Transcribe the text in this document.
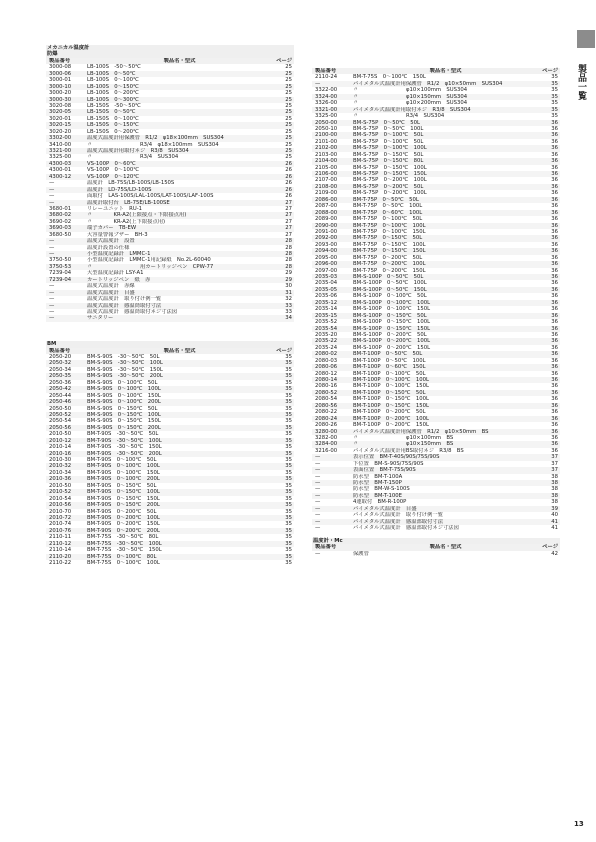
製品一覧
メカニカル温度計
防爆
製品番号	製品名・型式	ページ
3000-08	LB-100S　-50〜50℃	25
3000-06	LB-100S　0〜50℃	25
3000-01	LB-100S　0〜100℃	25
3000-10	LB-100S　0〜150℃	25
3000-20	LB-100S　0〜200℃	25
3000-30	LB-100S　0〜300℃	25
3020-08	LB-150S　-50〜50℃	25
3020-05	LB-150S　0〜50℃	25
3020-01	LB-150S　0〜100℃	25
3020-15	LB-150S　0〜150℃	25
3020-20	LB-150S　0〜200℃	25
3302-00	温度式温度計用保護管　R1/2　φ18×100mm　SUS304	25
3410-00	〃　　　　　　　　　R3/4　φ18×100mm　SUS304	25
3321-00	温度式温度計用取付ネジ　R3/8　SUS304	25
3325-00	〃　　　　　　　　　R3/4　SUS304	25
4300-03	VS-100P　0〜60℃	26
4300-01	VS-100P　0〜100℃	26
4300-12	VS-100P　0〜120℃	26
—	温度計　LB-75S/LB-100S/LB-150S	26
—	温度計　LD-75S/LD-100S	26
—	面取付　LAS-100S/LAL-100S/LAT-100S/LAF-100S	26
—	温度計取付台　LB-75E/LB-100SE	27
3680-01	リレーユニット　RU-1	27
3680-02	〃　　　　KR-A2(上限接点・下限接点用)	27
3690-02	〃　　　　KR-A2(上下限接点用)	27
3690-03	端子カバー　TB-EW	27
3680-50	大容量警報ブザー　BH-3	27
—	温度式温度計　設置	28
—	温度計設置の仕様	28
—	小型温度記録計　LMMC-1	28
3750-50	小型温度記録計　LMMC-1用記録紙　No.2L-60040	28
3750-53	〃　　　　　　　　　用カートリッジペン　CPW-77	28
7239-04	大型温度記録計 LSY-A1	29
7239-04	カートリッジペン　紙　赤	29
—	温度式温度計　赤線	30
—	温度式温度計　目盛	31
—	温度式温度計　取り付け例一覧	32
—	温度式温度計　感温筒取付寸法	33
—	温度式温度計　感温筒取付ネジ寸法図	33
—	サニタリー	34
BM
製品番号	製品名・型式	ページ
2050-20	BM-S-90S　-30〜50℃　50L	35
2050-32	BM-S-90S　-30〜50℃　100L	35
2050-34	BM-S-90S　-30〜50℃　150L	35
2050-35	BM-S-90S　-30〜50℃　200L	35
2050-36	BM-S-90S　0〜100℃　50L	35
2050-42	BM-S-90S　0〜100℃　100L	35
2050-44	BM-S-90S　0〜100℃　150L	35
2050-46	BM-S-90S　0〜100℃　200L	35
2050-50	BM-S-90S　0〜150℃　50L	35
2050-52	BM-S-90S　0〜150℃　100L	35
2050-54	BM-S-90S　0〜150℃　150L	35
2050-56	BM-S-90S　0〜150℃　200L	35
2010-50	BM-T-90S　-30〜50℃　50L	35
2010-12	BM-T-90S　-30〜50℃　100L	35
2010-14	BM-T-90S　-30〜50℃　150L	35
2010-16	BM-T-90S　-30〜50℃　200L	35
2010-30	BM-T-90S　0〜100℃　50L	35
2010-32	BM-T-90S　0〜100℃　100L	35
2010-34	BM-T-90S　0〜100℃　150L	35
2010-36	BM-T-90S　0〜100℃　200L	35
2010-50	BM-T-90S　0〜150℃　50L	35
2010-52	BM-T-90S　0〜150℃　100L	35
2010-54	BM-T-90S　0〜150℃　150L	35
2010-56	BM-T-90S　0〜150℃　200L	35
2010-70	BM-T-90S　0〜200℃　50L	35
2010-72	BM-T-90S　0〜200℃　100L	35
2010-74	BM-T-90S　0〜200℃　150L	35
2010-76	BM-T-90S　0〜200℃　200L	35
2110-11	BM-T-75S　-30〜50℃　80L	35
2110-12	BM-T-75S　-30〜50℃　100L	35
2110-14	BM-T-75S　-30〜50℃　150L	35
2110-20	BM-T-75S　0〜100℃　80L	35
2110-22	BM-T-75S　0〜100℃　100L	35
製品番号	製品名・型式	ページ
2110-24	BM-T-75S　0〜100℃　150L	35
—	バイメタル式温度計用保護管　R1/2　φ10×50mm　SUS304	35
3322-00	〃　　　　　　　　　φ10×100mm　SUS304	35
3324-00	〃　　　　　　　　　φ10×150mm　SUS304	35
3326-00	〃　　　　　　　　　φ10×200mm　SUS304	35
3321-00	バイメタル式温度計用取付ネジ　R3/8　SUS304	35
3325-00	〃　　　　　　　　　R3/4　SUS304	35
2050-00	BM-S-75P　0〜50℃　50L	36
2050-10	BM-S-75P　0〜50℃　100L	36
2100-00	BM-S-75P　0〜100℃　50L	36
2101-00	BM-S-75P　0〜100℃　50L	36
2102-00	BM-S-75P　0〜100℃　100L	36
2103-00	BM-S-75P　0〜150℃　50L	36
2104-00	BM-S-75P　0〜150℃　80L	36
2105-00	BM-S-75P　0〜150℃　100L	36
2106-00	BM-S-75P　0〜150℃　150L	36
2107-00	BM-S-75P　0〜200℃　100L	36
2108-00	BM-S-75P　0〜200℃　50L	36
2109-00	BM-S-75P　0〜200℃　100L	36
2086-00	BM-T-75P　0〜50℃　50L	36
2087-00	BM-T-75P　0〜50℃　100L	36
2088-00	BM-T-75P　0〜60℃　100L	36
2089-00	BM-T-75P　0〜100℃　50L	36
2090-00	BM-T-75P　0〜100℃　100L	36
2091-00	BM-T-75P　0〜100℃　150L	36
2092-00	BM-T-75P　0〜150℃　50L	36
2093-00	BM-T-75P　0〜150℃　100L	36
2094-00	BM-T-75P　0〜150℃　150L	36
2095-00	BM-T-75P　0〜200℃　50L	36
2096-00	BM-T-75P　0〜200℃　100L	36
2097-00	BM-T-75P　0〜200℃　150L	36
2035-03	BM-S-100P　0〜50℃　50L	36
2035-04	BM-S-100P　0〜50℃　100L	36
2035-05	BM-S-100P　0〜50℃　150L	36
2035-06	BM-S-100P　0〜100℃　50L	36
2035-12	BM-S-100P　0〜100℃　100L	36
2035-14	BM-S-100P　0〜100℃　150L	36
2035-15	BM-S-100P　0〜150℃　50L	36
2035-52	BM-S-100P　0〜150℃　100L	36
2035-54	BM-S-100P　0〜150℃　150L	36
2035-20	BM-S-100P　0〜200℃　50L	36
2035-22	BM-S-100P　0〜200℃　100L	36
2035-24	BM-S-100P　0〜200℃　150L	36
2080-02	BM-T-100P　0〜50℃　50L	36
2080-03	BM-T-100P　0〜50℃　100L	36
2080-06	BM-T-100P　0〜60℃　150L	36
2080-12	BM-T-100P　0〜100℃　50L	36
2080-14	BM-T-100P　0〜100℃　100L	36
2080-16	BM-T-100P　0〜100℃　150L	36
2080-52	BM-T-100P　0〜150℃　50L	36
2080-54	BM-T-100P　0〜150℃　100L	36
2080-56	BM-T-100P　0〜150℃　150L	36
2080-22	BM-T-100P　0〜200℃　50L	36
2080-24	BM-T-100P　0〜200℃　100L	36
2080-26	BM-T-100P　0〜200℃　150L	36
3280-00	バイメタル式温度計用保護管　R1/2　φ10×50mm　BS	36
3282-00	〃　　　　　　　　　φ10×100mm　BS	36
3284-00	〃　　　　　　　　　φ10×150mm　BS	36
3216-00	バイメタル式温度計用BS取付ネジ　R3/8　BS	36
—	表示位置　BM-T-40S/90S/75S/90S	37
—	下位置　BM-S-90S/75S/90S	37
—	表面位置　BM-T-75S/90S	37
—	防水型　BM-T-100A	38
—	防水型　BM-T-150P	38
—	防水型　BM-W-S-100S	38
—	防水型　BM-T-100E	38
—	4連取付　BM-R-100P	38
—	バイメタル式温度計　目盛	39
—	バイメタル式温度計　取り付け例一覧	40
—	バイメタル式温度計　感温部取付寸法	41
—	バイメタル式温度計　感温部取付ネジ寸法図	41
温度計・Mc
製品番号	製品名・型式	ページ
—	保護管	42
13
